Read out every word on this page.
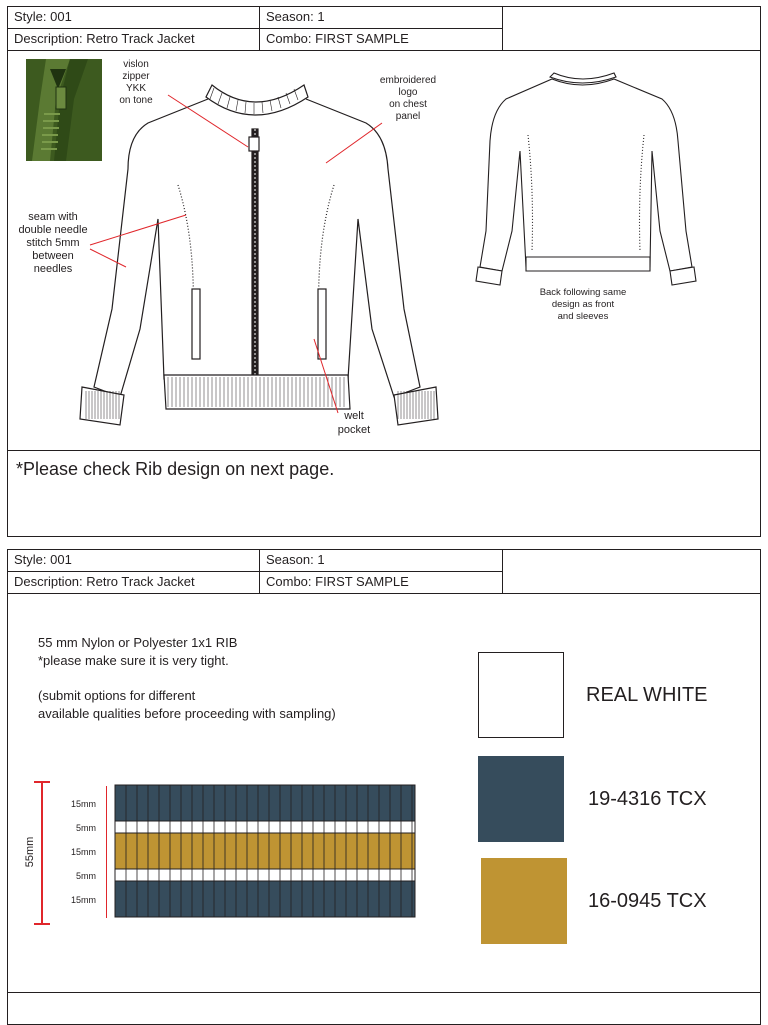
Style: 001	Season: 1
Description: Retro Track Jacket	Combo: FIRST SAMPLE
vislon
zipper
YKK
on tone
embroidered
logo
on chest
panel
seam with
double needle
stitch 5mm
between
needles
Back following same
design as front
and sleeves
welt
pocket
*Please check Rib design on next page.
Style: 001	Season: 1
Description: Retro Track Jacket	Combo: FIRST SAMPLE
55 mm Nylon or Polyester 1x1 RIB
*please make sure it is very tight.
(submit options for different
available qualities before proceeding with sampling)
55mm
15mm
5mm
15mm
5mm
15mm
REAL WHITE
19-4316 TCX
16-0945 TCX
